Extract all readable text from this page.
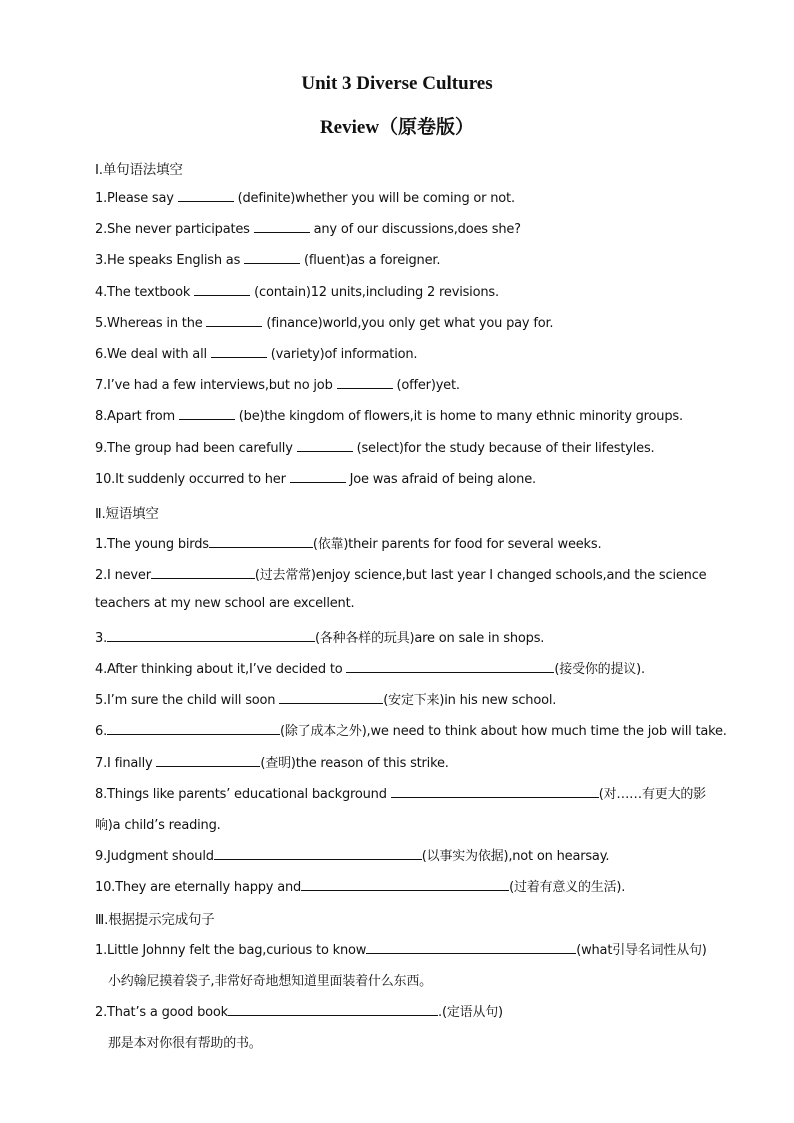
Unit 3 Diverse Cultures
Review（原卷版）
Ⅰ.单句语法填空
1.Please say	(definite)whether you will be coming or not.
2.She never participates	any of our discussions,does she?
3.He speaks English as	(fluent)as a foreigner.
4.The textbook	(contain)12 units,including 2 revisions.
5.Whereas in the	(finance)world,you only get what you pay for.
6.We deal with all	(variety)of information.
7.I’ve had a few interviews,but no job	(offer)yet.
8.Apart from	(be)the kingdom of flowers,it is home to many ethnic minority groups.
9.The group had been carefully	(select)for the study because of their lifestyles.
10.It suddenly occurred to her	Joe was afraid of being alone.
Ⅱ.短语填空
1.The young birds	(依靠)their parents for food for several weeks.
2.I never	(过去常常)enjoy science,but last year I changed schools,and the science
teachers at my new school are excellent.
3.	(各种各样的玩具)are on sale in shops.
4.After thinking about it,I’ve decided to	(接受你的提议).
5.I’m sure the child will soon	(安定下来)in his new school.
6.	(除了成本之外),we need to think about how much time the job will take.
7.I finally	(查明)the reason of this strike.
8.Things like parents’ educational background	(对……有更大的影
响)a child’s reading.
9.Judgment should	(以事实为依据),not on hearsay.
10.They are eternally happy and	(过着有意义的生活).
Ⅲ.根据提示完成句子
1.Little Johnny felt the bag,curious to know	(what引导名词性从句)
小约翰尼摸着袋子,非常好奇地想知道里面装着什么东西。
2.That’s a good book	.(定语从句)
那是本对你很有帮助的书。
